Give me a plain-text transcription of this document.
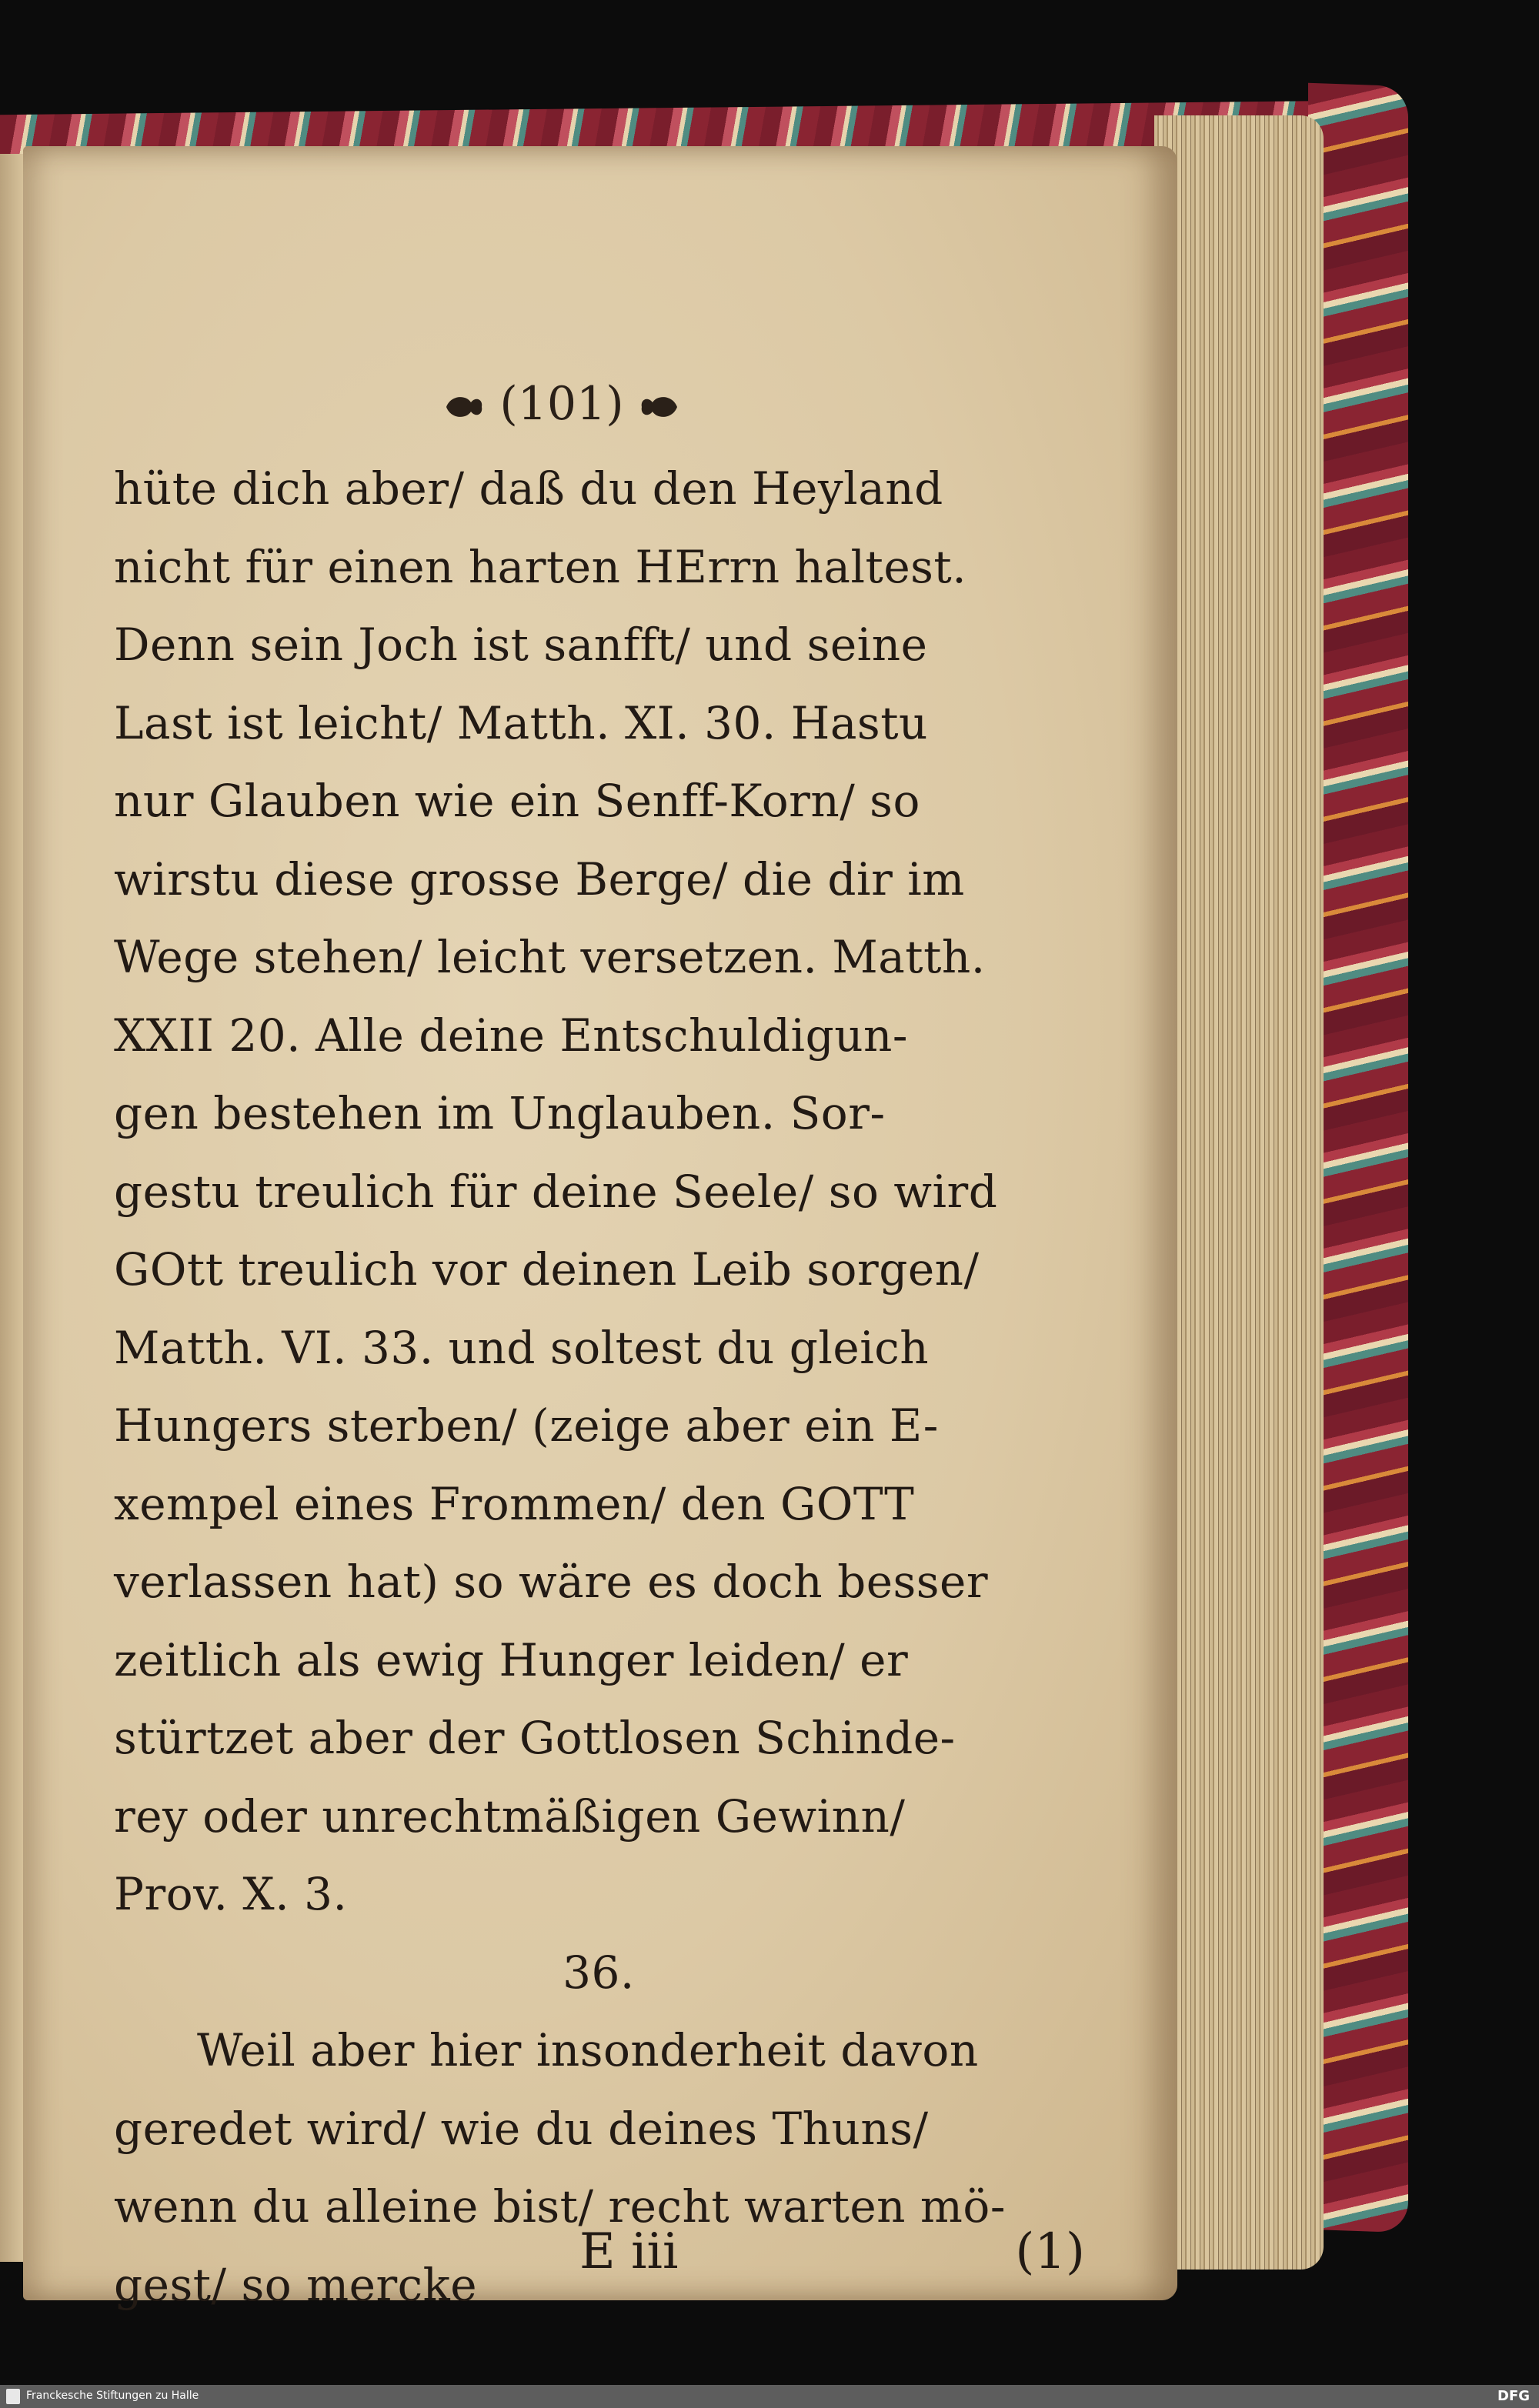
(101)
hüte dich aber/ daß du den Heyland
nicht für einen harten HErrn haltest.
Denn sein Joch ist sanfft/ und seine
Last ist leicht/ Matth. XI. 30. Hastu
nur Glauben wie ein Senff-Korn/ so
wirstu diese grosse Berge/ die dir im
Wege stehen/ leicht versetzen. Matth.
XXII 20. Alle deine Entschuldigun-
gen bestehen im Unglauben. Sor-
gestu treulich für deine Seele/ so wird
GOtt treulich vor deinen Leib sorgen/
Matth. VI. 33. und soltest du gleich
Hungers sterben/ (zeige aber ein E-
xempel eines Frommen/ den GOTT
verlassen hat) so wäre es doch besser
zeitlich als ewig Hunger leiden/ er
stürtzet aber der Gottlosen Schinde-
rey oder unrechtmäßigen Gewinn/
Prov. X. 3.
36.
Weil aber hier insonderheit davon
geredet wird/ wie du deines Thuns/
wenn du alleine bist/ recht warten mö-
gest/ so mercke
E iii	(1)
Franckesche Stiftungen zu Halle	DFG
